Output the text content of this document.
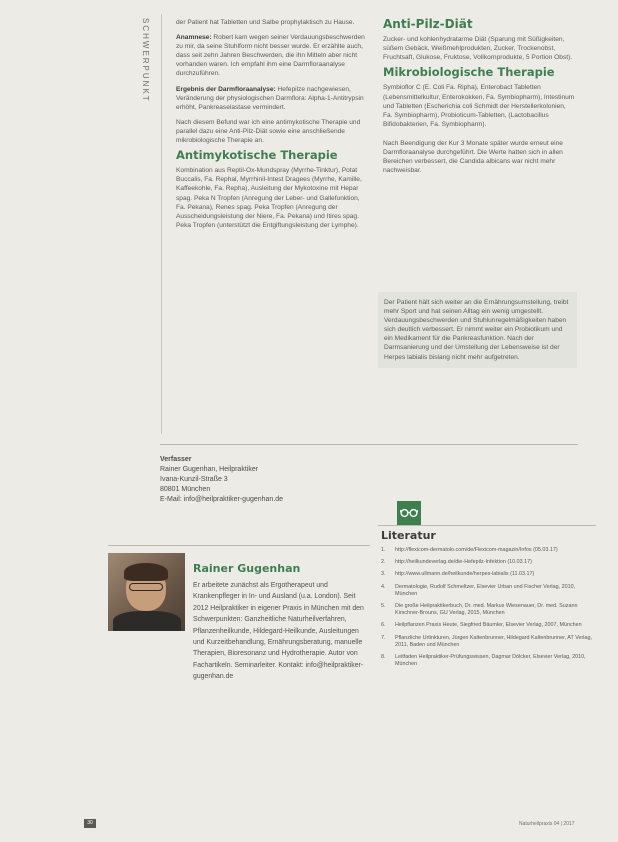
SCHWERPUNKT	der Patient hat Tabletten und Salbe prophylaktisch zu Hause.

Anamnese: Robert kam wegen seiner Verdauungsbeschwerden zu mir, da seine Stuhlform nicht besser wurde. Er erzählte auch, dass seit zehn Jahren Beschwerden, die ihn Mitteln aber nicht vorhanden waren. Ich empfahl ihm eine Darmfloraanalyse durchzuführen.

Ergebnis der Darmfloraanalyse: Hefepilze nachgewiesen, Veränderung der physiologischen Darmflora: Alpha-1-Antitrypsin erhöht, Pankreaselastase vermindert.

Nach diesem Befund war ich eine antimykotische Therapie und parallel dazu eine Anti-Pilz-Diät sowie eine anschließende mikrobiologische Therapie an.

Antimykotische Therapie

Kombination aus Reptil-Ox-Mundspray (Myrrhe-Tinktur), Potat Buccalis, Fa. Rephal, Myrrhinil-Intest Dragees (Myrrhe, Kamille, Kaffeekohle, Fa. Repha), Ausleitung der Mykotoxine mit Hepar spag. Peka N Tropfen (Anregung der Leber- und Gallefunktion, Fa. Pekana), Renes spag. Peka Tropfen (Anregung der Ausscheidungsleistung der Niere, Fa. Pekana) und Itires spag. Peka Tropfen (unterstützt die Entgiftungsleistung der Lymphe).

Anti-Pilz-Diät

Zucker- und kohlenhydratarme Diät (Sparung mit Süßigkeiten, süßem Gebäck, Weißmehlprodukten, Zucker, Trockenobst, Fruchtsaft, Glukose, Fruktose, Vollkornprodukte, 5 Portion Obst).

Mikrobiologische Therapie

Symbioflor C (E. Coli Fa. Ripha), Enterobact Tabletten (Lebensmittelkultur, Enterokokken, Fa. Symbiopharm), Intestinum und Tabletten (Escherichia coli Schmidt der Herstellerkolonien, Fa. Symbiopharm), Probioticum-Tabletten, (Lactobacillus Bifidobakterien, Fa. Symbiopharm).

Nach Beendigung der Kur 3 Monate später wurde erneut eine Darmfloraanalyse durchgeführt. Die Werte hatten sich in allen Bereichen verbessert, die Candida albicans war nicht mehr nachweisbar.

Der Patient hält sich weiter an die Ernährungsumstellung, treibt mehr Sport und hat seinen Alltag ein wenig umgestellt. Verdauungsbeschwerden und Stuhlunregelmäßigkeiten haben sich deutlich verbessert. Er nimmt weiter ein Probiotikum und ein Medikament für die Pankreasfunktion. Nach der Darmsanierung und der Umstellung der Lebensweise ist der Herpes labialis bislang nicht mehr aufgetreten.
Verfasser
Rainer Gugenhan, Heilpraktiker
Ivana-Kunzil-Straße 3
80801 München
E-Mail: info@heilpraktiker-gugenhan.de
Rainer Gugenhan
Er arbeitete zunächst als Ergotherapeut und Krankenpfleger in In- und Ausland (u.a. London). Seit 2012 Heilpraktiker in eigener Praxis in München mit den Schwerpunkten: Ganzheitliche Naturheilverfahren, Pflanzenheilkunde, Hildegard-Heilkunde, Ausleitungen und Kurzeitbehandlung, Ernährungsberatung, manuelle Therapien, Bioresonanz und Hydrotherapie. Autor von Fachartikeln. Seminarleiter. Kontakt: info@heilpraktiker-gugenhan.de
Literatur
1.	http://flexicom-dermatolo.com/de/Flexicom-magazin/Infos (05.03.17)
2.	http://heilkundeverlag.de/die-Hefepilz-Infektion (10.03.17)
3.	http://www.ullmann.de/heilkunde/herpes-labialis (11.03.17)
4.	Dermatologie, Rudolf Schmeltzer, Elsevier Urban und Fischer Verlag, 2010, München
5.	Die große Heilpraktikerbuch, Dr. med. Markus Wiesenauer, Dr. med. Suzann Kirschner-Brouns, GU Verlag, 2015, München
6.	Heilpflanzen Praxis Heute, Siegfried Bäumler, Elsevier Verlag, 2007, München
7.	Pflanzliche Urtinkturen, Jürgen Kaltenbrunner, Hildegard Kaltenbrunner, AT Verlag, 2011, Baden und München
8.	Leitfaden Heilpraktiker-Prüfungswissen, Dagmar Dölcker, Elsevier Verlag, 2010, München
30	Naturheilpraxis 04 | 2017
